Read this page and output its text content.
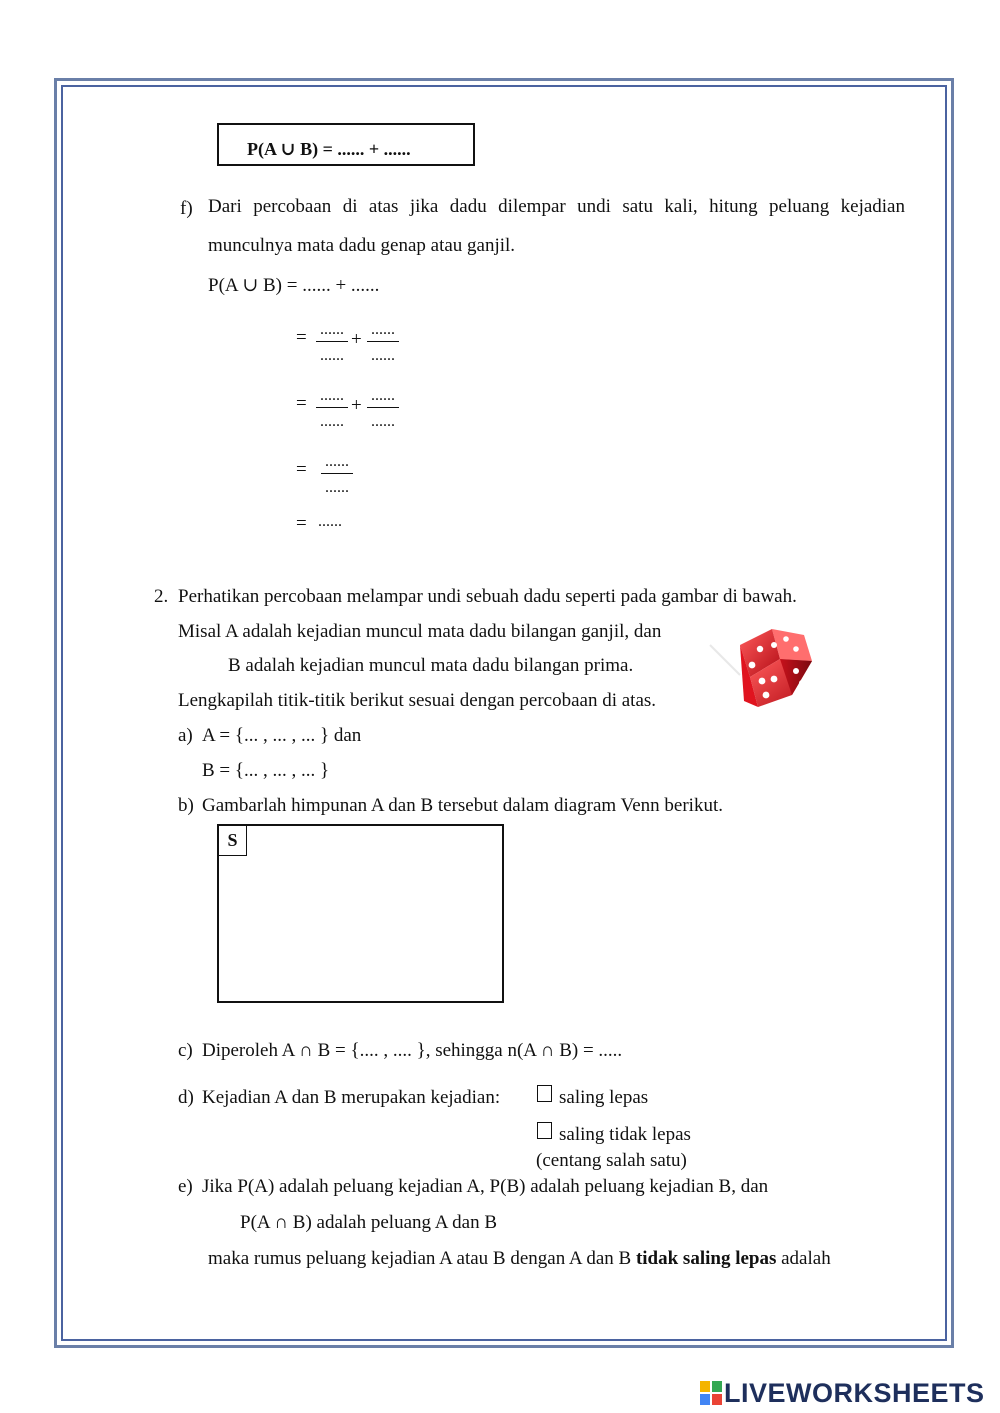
P(A ∪ B) = ...... + ......
f) Dari percobaan di atas jika dadu dilempar undi satu kali, hitung peluang kejadian
munculnya mata dadu genap atau ganjil.
P(A ∪ B) = ...... + ......
= ......
......
+ ......
......
= ......
......
+ ......
......
= ......
......
= ......
2. Perhatikan percobaan melampar undi sebuah dadu seperti pada gambar di bawah.
Misal A adalah kejadian muncul mata dadu bilangan ganjil, dan
B adalah kejadian muncul mata dadu bilangan prima.
Lengkapilah titik-titik berikut sesuai dengan percobaan di atas.
a) A = {... , ... , ... } dan
B = {... , ... , ... }
b) Gambarlah himpunan A dan B tersebut dalam diagram Venn berikut.
S
c) Diperoleh A ∩ B = {.... , .... }, sehingga n(A ∩ B) = .....
d) Kejadian A dan B merupakan kejadian:	saling lepas
saling tidak lepas
(centang salah satu)
e) Jika P(A) adalah peluang kejadian A, P(B) adalah peluang kejadian B, dan
P(A ∩ B) adalah peluang A dan B
maka rumus peluang kejadian A atau B dengan A dan B tidak saling lepas adalah
LIVEWORKSHEETS
